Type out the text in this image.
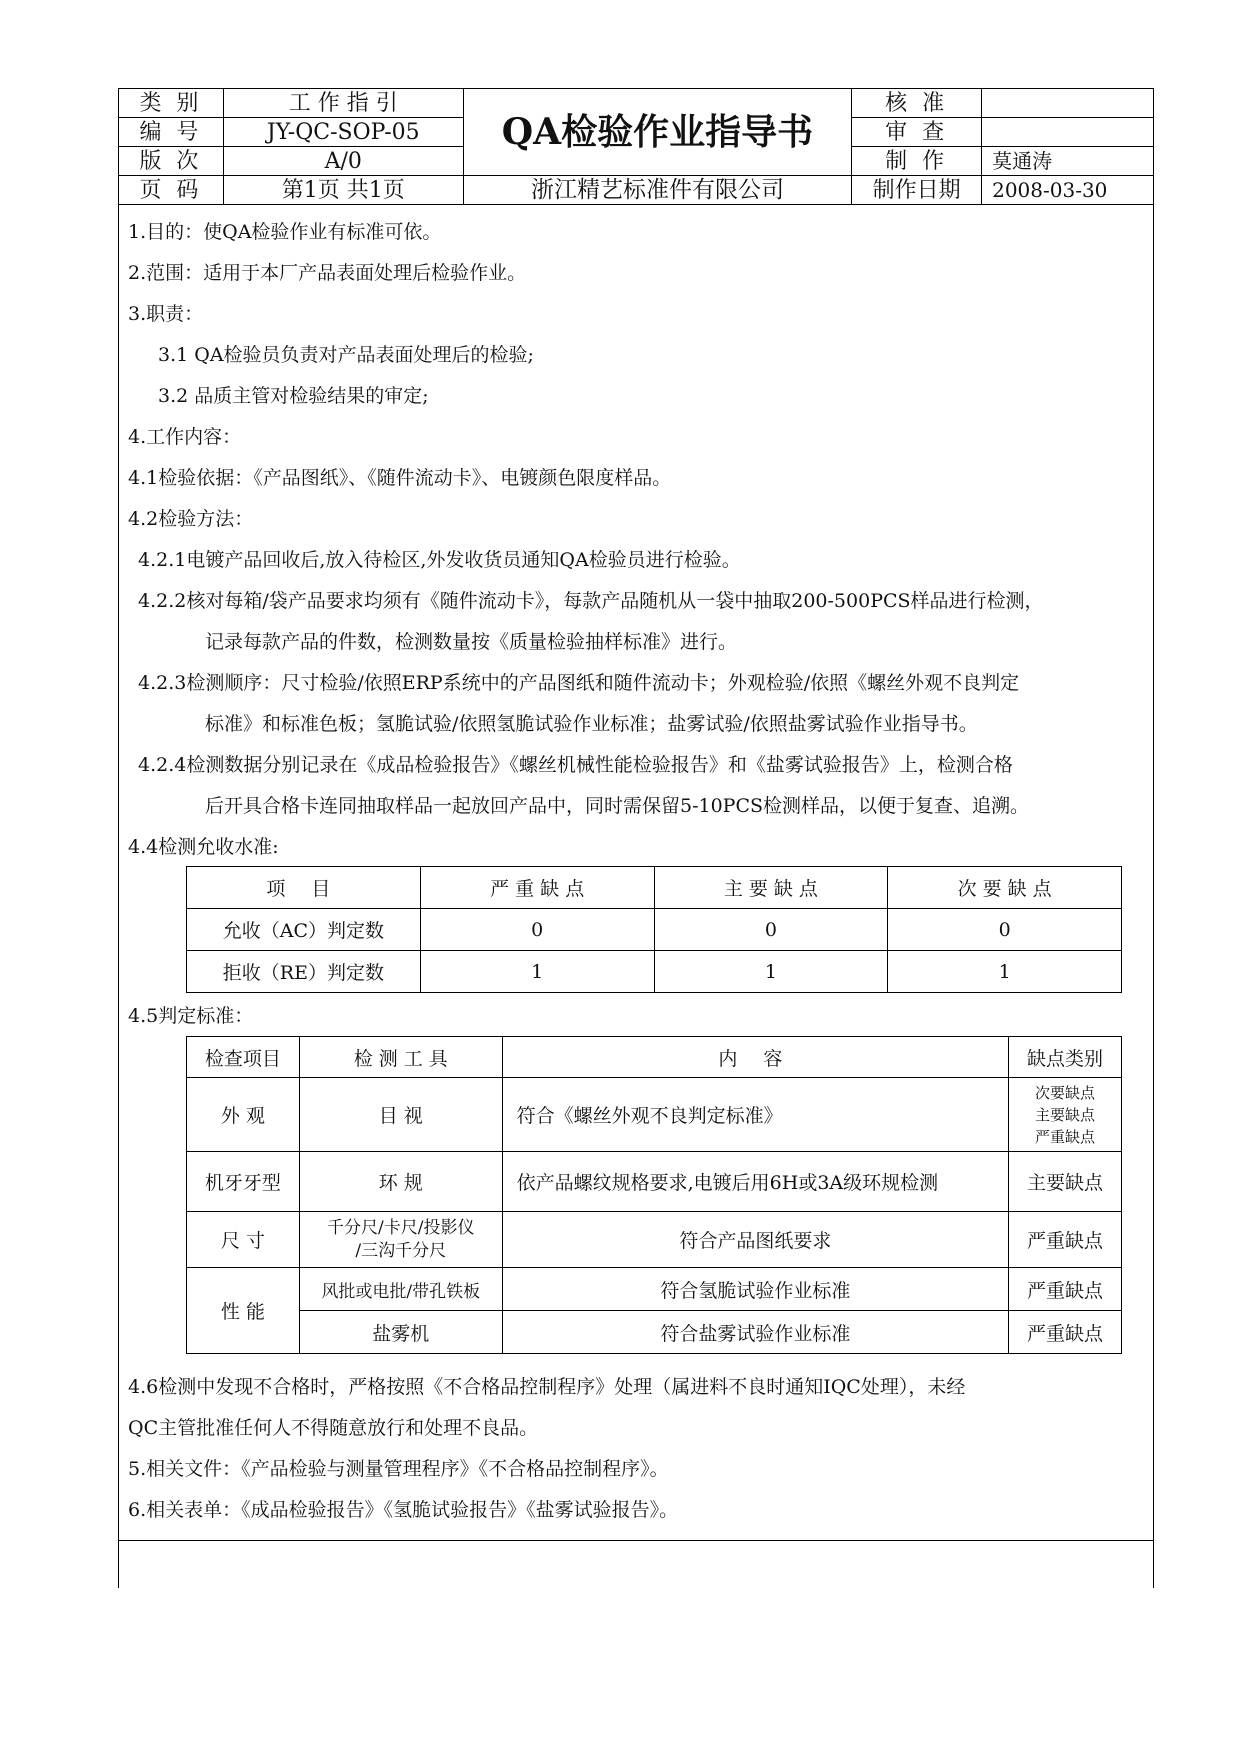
类 别	工 作 指 引	QA检验作业指导书	核 准	
编 号	JY-QC-SOP-05		审 查	
版 次	A/0		制 作	莫通涛
页 码	第1页 共1页	浙江精艺标准件有限公司	制作日期	2008-03-30

1.目的：使QA检验作业有标准可依。

2.范围：适用于本厂产品表面处理后检验作业。

3.职责：

3.1 QA检验员负责对产品表面处理后的检验;

3.2 品质主管对检验结果的审定;

4.工作内容：

4.1检验依据：《产品图纸》、《随件流动卡》、电镀颜色限度样品。

4.2检验方法：

4.2.1电镀产品回收后,放入待检区,外发收货员通知QA检验员进行检验。

4.2.2核对每箱/袋产品要求均须有《随件流动卡》，每款产品随机从一袋中抽取200-500PCS样品进行检测，

记录每款产品的件数，检测数量按《质量检验抽样标准》进行。

4.2.3检测顺序：尺寸检验/依照ERP系统中的产品图纸和随件流动卡；外观检验/依照《螺丝外观不良判定

标准》和标准色板；氢脆试验/依照氢脆试验作业标准；盐雾试验/依照盐雾试验作业指导书。

4.2.4检测数据分别记录在《成品检验报告》《螺丝机械性能检验报告》和《盐雾试验报告》上，检测合格

后开具合格卡连同抽取样品一起放回产品中，同时需保留5-10PCS检测样品，以便于复查、追溯。

4.4检测允收水准:

4.5判定标准：

4.6检测中发现不合格时，严格按照《不合格品控制程序》处理（属进料不良时通知IQC处理），未经

QC主管批准任何人不得随意放行和处理不良品。

5.相关文件：《产品检验与测量管理程序》《不合格品控制程序》。

6.相关表单：《成品检验报告》《氢脆试验报告》《盐雾试验报告》。

项 目	严 重 缺 点	主 要 缺 点	次 要 缺 点
允收（AC）判定数	0	0	0
拒收（RE）判定数	1	1	1
检查项目	检 测 工 具	内 容	缺点类别
外 观	目 视	符合《螺丝外观不良判定标准》	次要缺点
主要缺点
严重缺点

机牙牙型	环 规	依产品螺纹规格要求,电镀后用6H或3A级环规检测	主要缺点
尺 寸	千分尺/卡尺/投影仪
/三沟千分尺	符合产品图纸要求	严重缺点
性 能	风批或电批/带孔铁板	符合氢脆试验作业标准	严重缺点
	盐雾机	符合盐雾试验作业标准	严重缺点
